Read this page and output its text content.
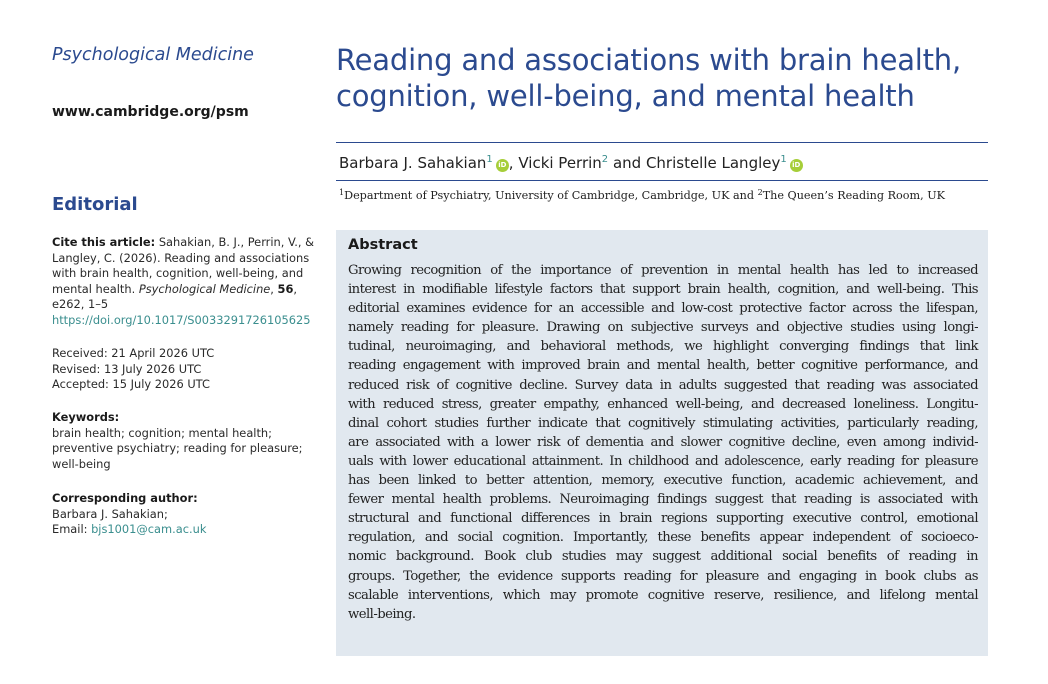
Psychological Medicine
www.cambridge.org/psm
Editorial
Cite this article: Sahakian, B. J., Perrin, V., &
Langley, C. (2026). Reading and associations
with brain health, cognition, well-being, and
mental health. Psychological Medicine, 56,
e262, 1–5
https://doi.org/10.1017/S0033291726105625
Received: 21 April 2026 UTC
Revised: 13 July 2026 UTC
Accepted: 15 July 2026 UTC
Keywords:
brain health; cognition; mental health;
preventive psychiatry; reading for pleasure;
well-being
Corresponding author:
Barbara J. Sahakian;
Email: bjs1001@cam.ac.uk
Reading and associations with brain health,
cognition, well-being, and mental health
Barbara J. Sahakian$^1$ iD , Vicki Perrin$^2$ and Christelle Langley$^1$ iD
$^1$Department of Psychiatry, University of Cambridge, Cambridge, UK and $^2$The Queen’s Reading Room, UK
Abstract
Growing recognition of the importance of prevention in mental health has led to increased
interest in modifiable lifestyle factors that support brain health, cognition, and well-being. This
editorial examines evidence for an accessible and low-cost protective factor across the lifespan,
namely reading for pleasure. Drawing on subjective surveys and objective studies using longi-
tudinal, neuroimaging, and behavioral methods, we highlight converging findings that link
reading engagement with improved brain and mental health, better cognitive performance, and
reduced risk of cognitive decline. Survey data in adults suggested that reading was associated
with reduced stress, greater empathy, enhanced well-being, and decreased loneliness. Longitu-
dinal cohort studies further indicate that cognitively stimulating activities, particularly reading,
are associated with a lower risk of dementia and slower cognitive decline, even among individ-
uals with lower educational attainment. In childhood and adolescence, early reading for pleasure
has been linked to better attention, memory, executive function, academic achievement, and
fewer mental health problems. Neuroimaging findings suggest that reading is associated with
structural and functional differences in brain regions supporting executive control, emotional
regulation, and social cognition. Importantly, these benefits appear independent of socioeco-
nomic background. Book club studies may suggest additional social benefits of reading in
groups. Together, the evidence supports reading for pleasure and engaging in book clubs as
scalable interventions, which may promote cognitive reserve, resilience, and lifelong mental
well-being.
